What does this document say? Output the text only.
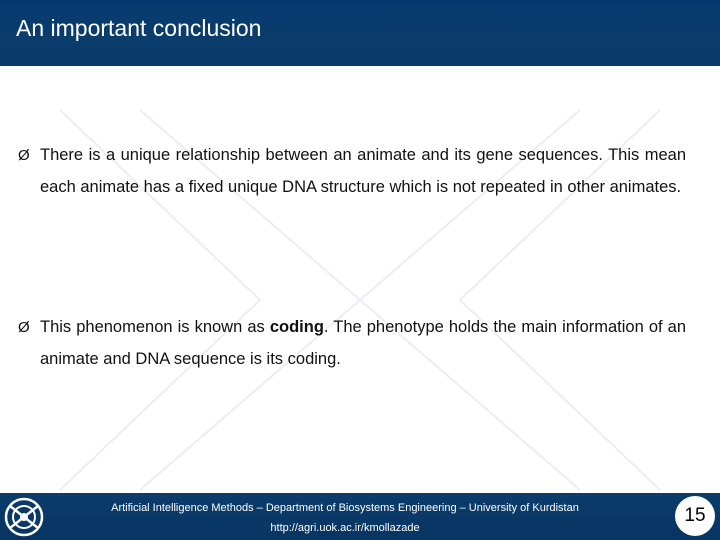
An important conclusion
Ø There is a unique relationship between an animate and its gene sequences. This mean each animate has a fixed unique DNA structure which is not repeated in other animates.
Ø This phenomenon is known as coding. The phenotype holds the main information of an animate and DNA sequence is its coding.
Artificial Intelligence Methods – Department of Biosystems Engineering – University of Kurdistan
http://agri.uok.ac.ir/kmollazade
15
